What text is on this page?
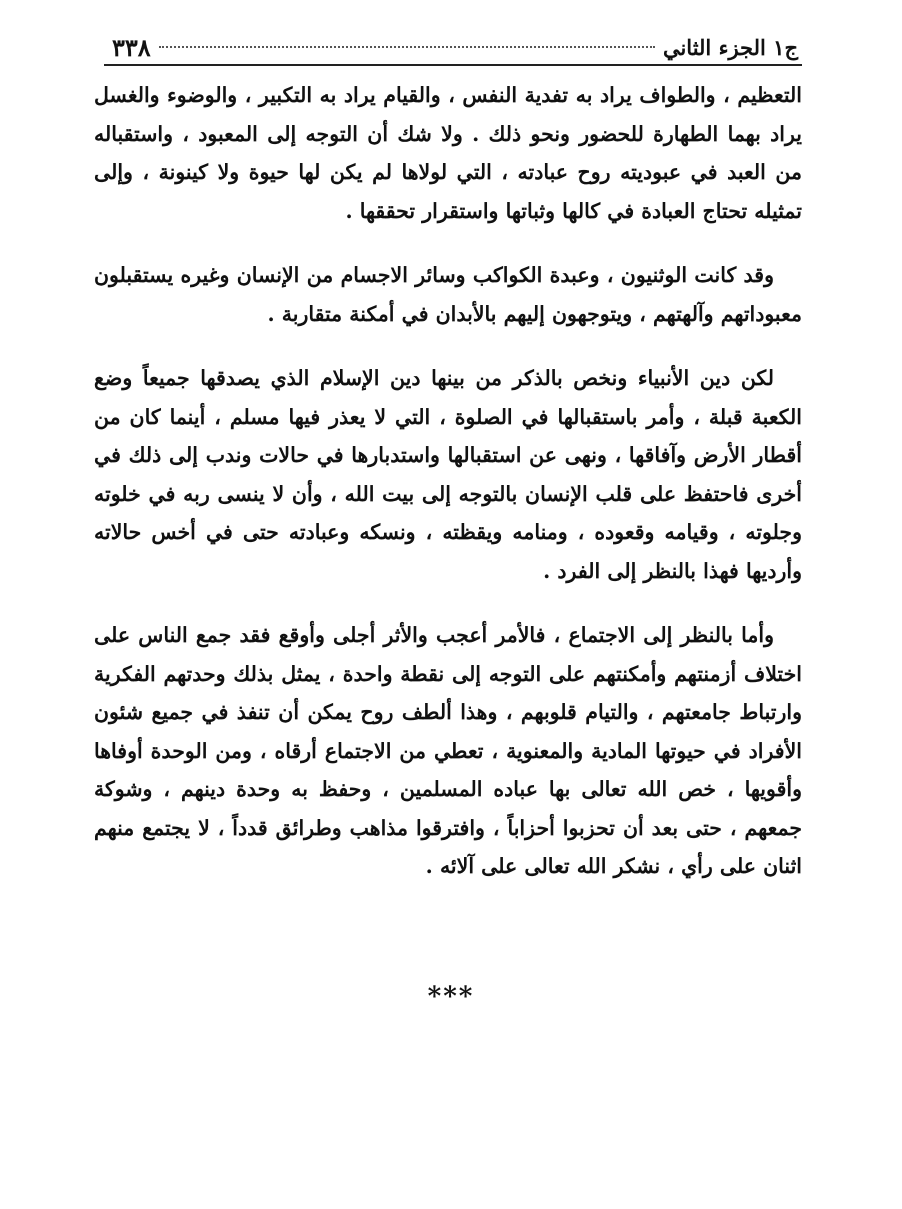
ج١ الجزء الثاني
٣٣٨

التعظيم ، والطواف يراد به تفدية النفس ، والقيام يراد به التكبير ، والوضوء والغسل يراد بهما الطهارة للحضور ونحو ذلك . ولا شك أن التوجه إلى المعبود ، واستقباله من العبد في عبوديته روح عبادته ، التي لولاها لم يكن لها حيوة ولا كينونة ، وإلى تمثيله تحتاج العبادة في كالها وثباتها واستقرار تحققها .

وقد كانت الوثنيون ، وعبدة الكواكب وسائر الاجسام من الإنسان وغيره يستقبلون معبوداتهم وآلهتهم ، ويتوجهون إليهم بالأبدان في أمكنة متقاربة .

لكن دين الأنبياء ونخص بالذكر من بينها دين الإسلام الذي يصدقها جميعاً وضع الكعبة قبلة ، وأمر باستقبالها في الصلوة ، التي لا يعذر فيها مسلم ، أينما كان من أقطار الأرض وآفاقها ، ونهى عن استقبالها واستدبارها في حالات وندب إلى ذلك في أخرى فاحتفظ على قلب الإنسان بالتوجه إلى بيت الله ، وأن لا ينسى ربه في خلوته وجلوته ، وقيامه وقعوده ، ومنامه ويقظته ، ونسكه وعبادته حتى في أخس حالاته وأرديها فهذا بالنظر إلى الفرد .

وأما بالنظر إلى الاجتماع ، فالأمر أعجب والأثر أجلى وأوقع فقد جمع الناس على اختلاف أزمنتهم وأمكنتهم على التوجه إلى نقطة واحدة ، يمثل بذلك وحدتهم الفكرية وارتباط جامعتهم ، والتيام قلوبهم ، وهذا ألطف روح يمكن أن تنفذ في جميع شئون الأفراد في حيوتها المادية والمعنوية ، تعطي من الاجتماع أرقاه ، ومن الوحدة أوفاها وأقويها ، خص الله تعالى بها عباده المسلمين ، وحفظ به وحدة دينهم ، وشوكة جمعهم ، حتى بعد أن تحزبوا أحزاباً ، وافترقوا مذاهب وطرائق قدداً ، لا يجتمع منهم اثنان على رأي ، نشكر الله تعالى على آلائه .

***
